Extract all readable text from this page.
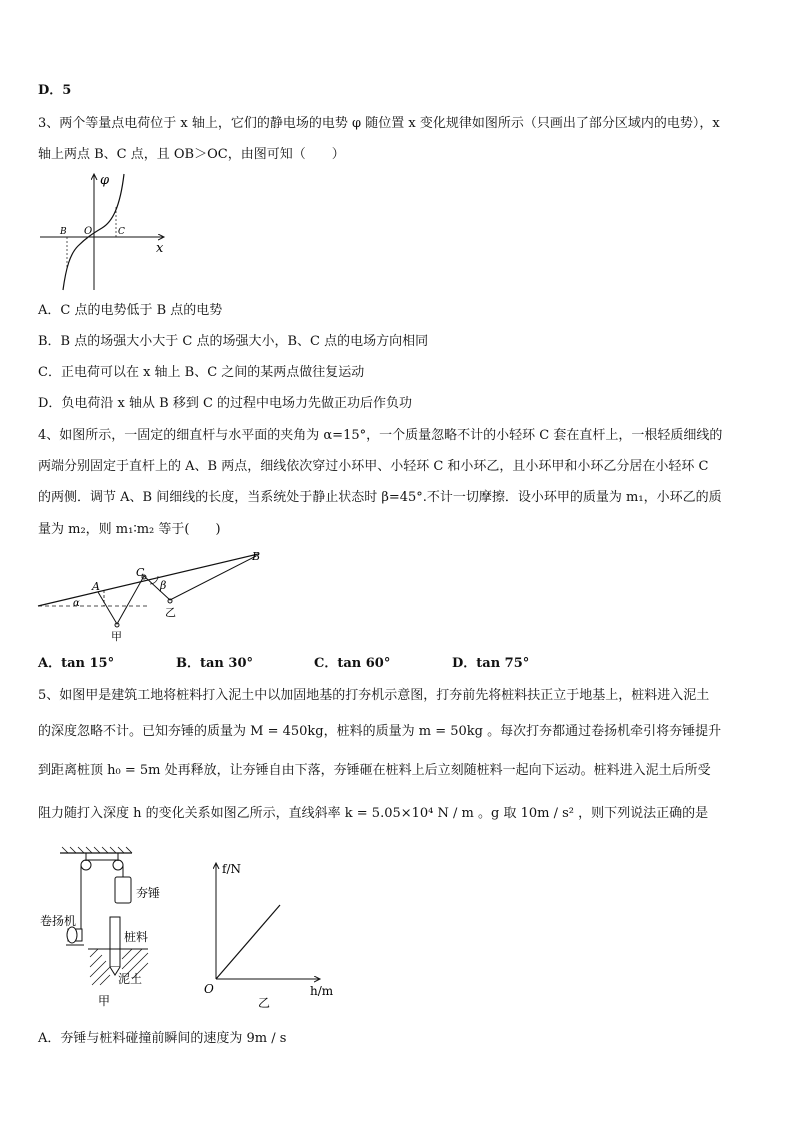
D．5
3、两个等量点电荷位于 x 轴上，它们的静电场的电势 φ 随位置 x 变化规律如图所示（只画出了部分区域内的电势），x
轴上两点 B、C 点，且 OB＞OC，由图可知（　　）
φ
x
B O	C
A．C 点的电势低于 B 点的电势
B．B 点的场强大小大于 C 点的场强大小，B、C 点的电场方向相同
C．正电荷可以在 x 轴上 B、C 之间的某两点做往复运动
D．负电荷沿 x 轴从 B 移到 C 的过程中电场力先做正功后作负功
4、如图所示，一固定的细直杆与水平面的夹角为 α=15°，一个质量忽略不计的小轻环 C 套在直杆上，一根轻质细线的
两端分别固定于直杆上的 A、B 两点，细线依次穿过小环甲、小轻环 C 和小环乙，且小环甲和小环乙分居在小轻环 C
的两侧．调节 A、B 间细线的长度，当系统处于静止状态时 β=45°.不计一切摩擦．设小环甲的质量为 m₁，小环乙的质
量为 m₂，则 m₁∶m₂ 等于(　　)
A
B
C
α
β
甲
乙
A．tan 15°	B．tan 30°	C．tan 60°	D．tan 75°
5、如图甲是建筑工地将桩料打入泥土中以加固地基的打夯机示意图，打夯前先将桩料扶正立于地基上，桩料进入泥土
的深度忽略不计。已知夯锤的质量为 M = 450kg，桩料的质量为 m = 50kg 。每次打夯都通过卷扬机牵引将夯锤提升
到距离桩顶 h₀ = 5m 处再释放，让夯锤自由下落，夯锤砸在桩料上后立刻随桩料一起向下运动。桩料进入泥土后所受
阻力随打入深度 h 的变化关系如图乙所示，直线斜率 k = 5.05×10⁴ N / m 。g 取 10m / s² ，则下列说法正确的是
夯锤
卷扬机
桩料
泥土
甲
f/N
h/m
O
乙
A．夯锤与桩料碰撞前瞬间的速度为 9m / s
